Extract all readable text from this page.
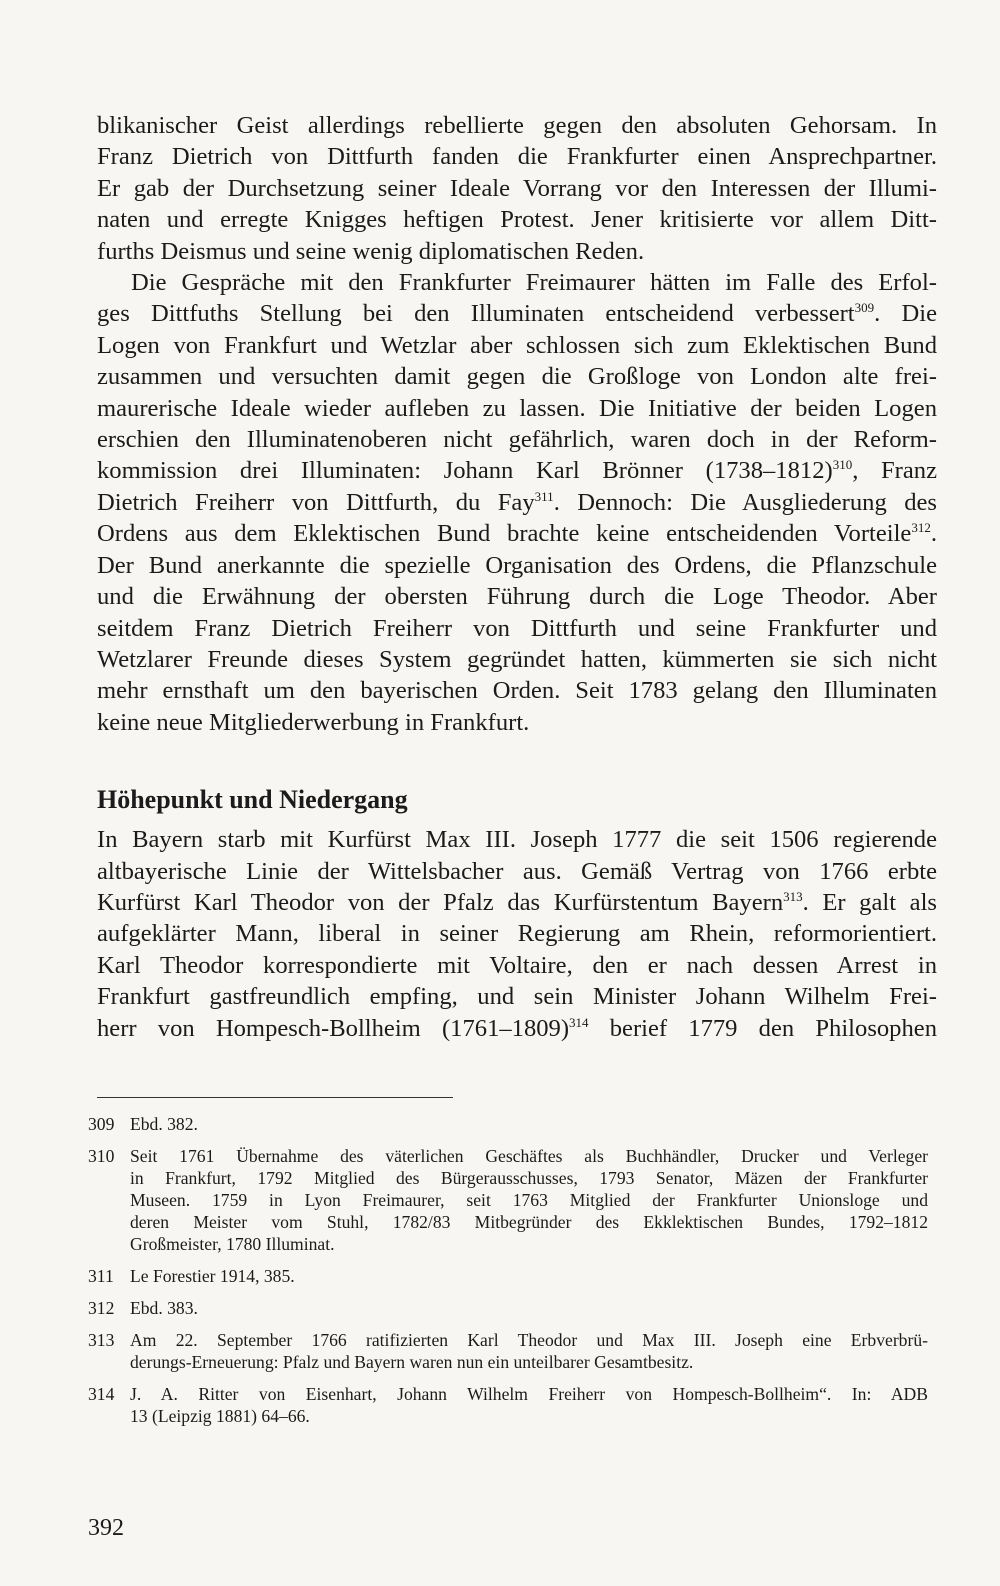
blikanischer Geist allerdings rebellierte gegen den absoluten Gehorsam. In
Franz Dietrich von Dittfurth fanden die Frankfurter einen Ansprechpartner.
Er gab der Durchsetzung seiner Ideale Vorrang vor den Interessen der Illumi-
naten und erregte Knigges heftigen Protest. Jener kritisierte vor allem Ditt-
furths Deismus und seine wenig diplomatischen Reden.

Die Gespräche mit den Frankfurter Freimaurer hätten im Falle des Erfol-
ges Dittfuths Stellung bei den Illuminaten entscheidend verbessert$^{309}$. Die
Logen von Frankfurt und Wetzlar aber schlossen sich zum Eklektischen Bund
zusammen und versuchten damit gegen die Großloge von London alte frei-
maurerische Ideale wieder aufleben zu lassen. Die Initiative der beiden Logen
erschien den Illuminatenoberen nicht gefährlich, waren doch in der Reform-
kommission drei Illuminaten: Johann Karl Brönner (1738–1812)$^{310}$, Franz
Dietrich Freiherr von Dittfurth, du Fay$^{311}$. Dennoch: Die Ausgliederung des
Ordens aus dem Eklektischen Bund brachte keine entscheidenden Vorteile$^{312}$.
Der Bund anerkannte die spezielle Organisation des Ordens, die Pflanzschule
und die Erwähnung der obersten Führung durch die Loge Theodor. Aber
seitdem Franz Dietrich Freiherr von Dittfurth und seine Frankfurter und
Wetzlarer Freunde dieses System gegründet hatten, kümmerten sie sich nicht
mehr ernsthaft um den bayerischen Orden. Seit 1783 gelang den Illuminaten
keine neue Mitgliederwerbung in Frankfurt.

Höhepunkt und Niedergang

In Bayern starb mit Kurfürst Max III. Joseph 1777 die seit 1506 regierende
altbayerische Linie der Wittelsbacher aus. Gemäß Vertrag von 1766 erbte
Kurfürst Karl Theodor von der Pfalz das Kurfürstentum Bayern$^{313}$. Er galt als
aufgeklärter Mann, liberal in seiner Regierung am Rhein, reformorientiert.
Karl Theodor korrespondierte mit Voltaire, den er nach dessen Arrest in
Frankfurt gastfreundlich empfing, und sein Minister Johann Wilhelm Frei-
herr von Hompesch-Bollheim (1761–1809)$^{314}$ berief 1779 den Philosophen

309 Ebd. 382.
310 Seit 1761 Übernahme des väterlichen Geschäftes als Buchhändler, Drucker und Verleger
in Frankfurt, 1792 Mitglied des Bürgerausschusses, 1793 Senator, Mäzen der Frankfurter
Museen. 1759 in Lyon Freimaurer, seit 1763 Mitglied der Frankfurter Unionsloge und
deren Meister vom Stuhl, 1782/83 Mitbegründer des Ekklektischen Bundes, 1792–1812
Großmeister, 1780 Illuminat.
311 Le Forestier 1914, 385.
312 Ebd. 383.
313 Am 22. September 1766 ratifizierten Karl Theodor und Max III. Joseph eine Erbverbrü-
derungs-Erneuerung: Pfalz und Bayern waren nun ein unteilbarer Gesamtbesitz.
314 J. A. Ritter von Eisenhart, Johann Wilhelm Freiherr von Hompesch-Bollheim“. In: ADB
13 (Leipzig 1881) 64–66.
392
